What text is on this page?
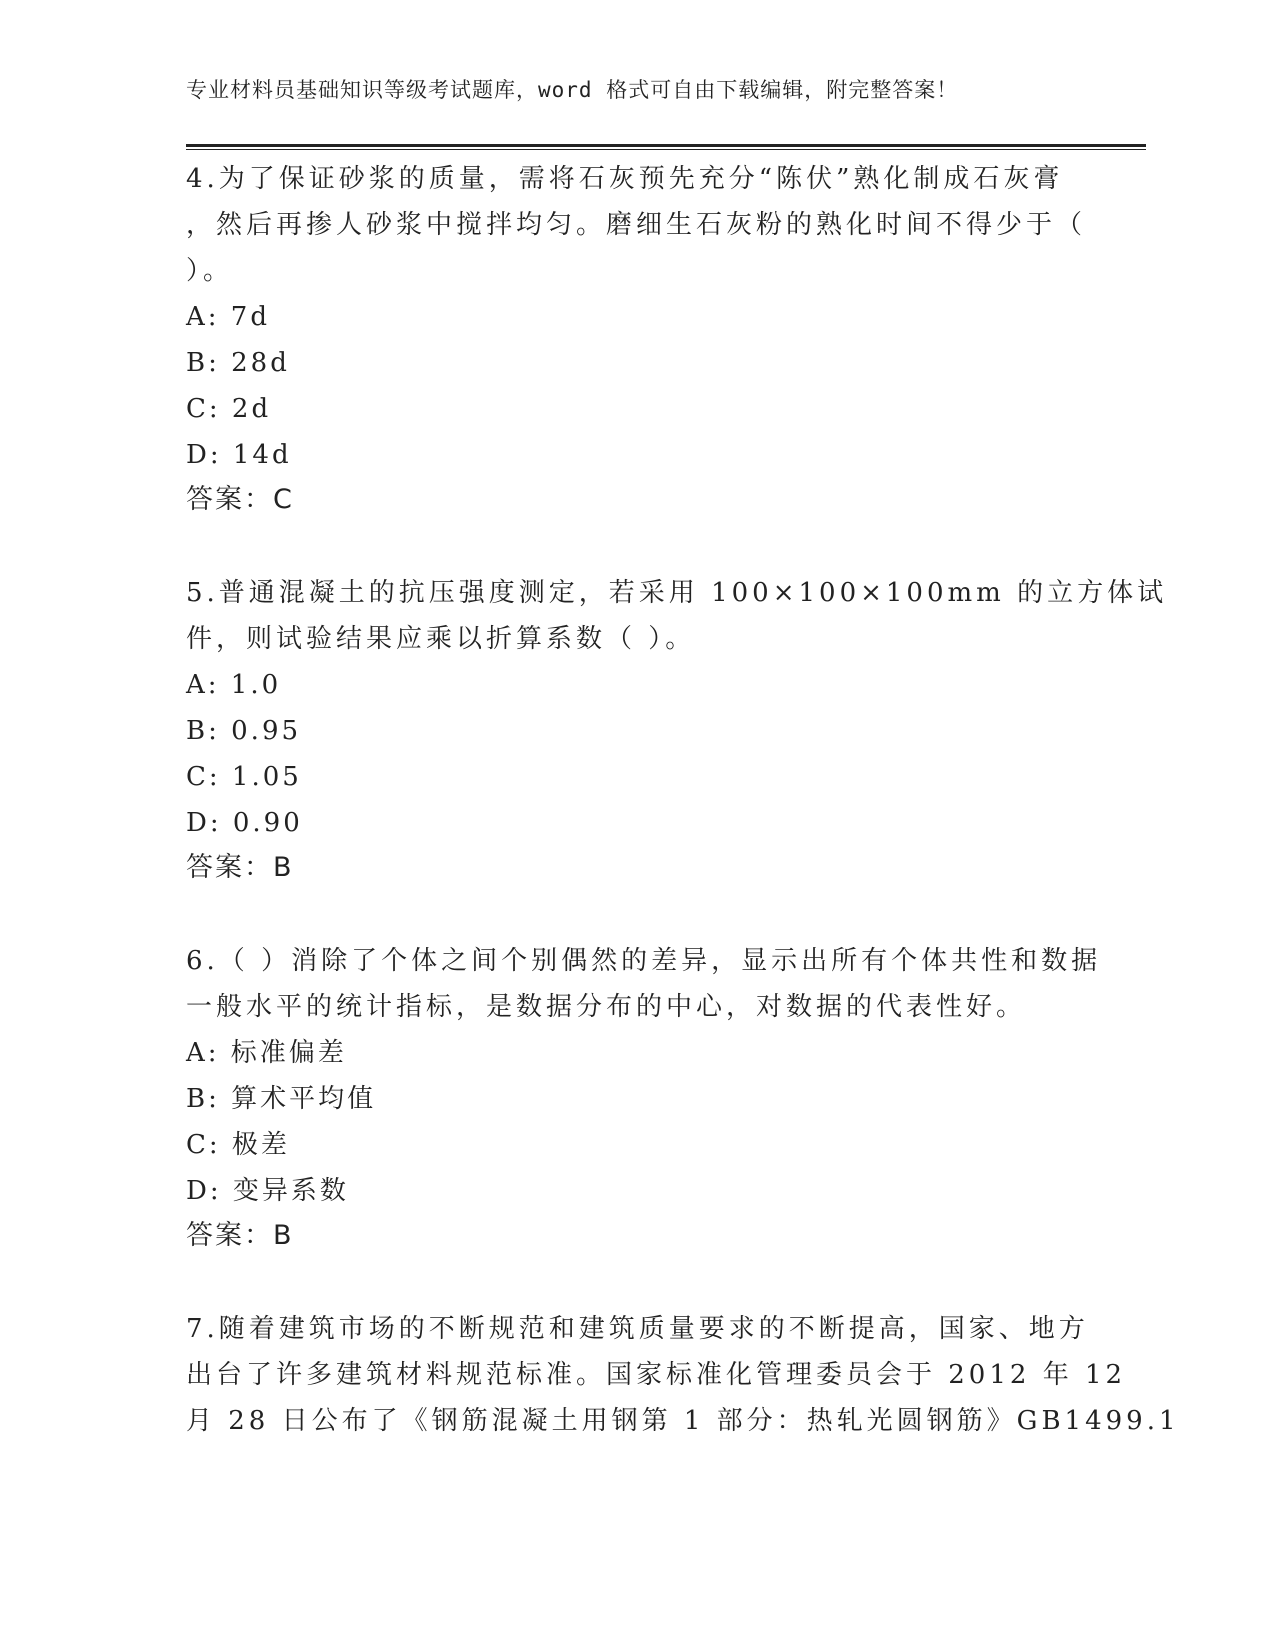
专业材料员基础知识等级考试题库，word 格式可自由下载编辑，附完整答案！
4.为了保证砂浆的质量，需将石灰预先充分“陈伏”熟化制成石灰膏
，然后再掺人砂浆中搅拌均匀。磨细生石灰粉的熟化时间不得少于（
）。
A: 7d
B: 28d
C: 2d
D: 14d
答案：C
5.普通混凝土的抗压强度测定，若采用 100×100×100mm 的立方体试
件，则试验结果应乘以折算系数（ ）。
A: 1.0
B: 0.95
C: 1.05
D: 0.90
答案：B
6.（ ）消除了个体之间个别偶然的差异，显示出所有个体共性和数据
一般水平的统计指标，是数据分布的中心，对数据的代表性好。
A: 标准偏差
B: 算术平均值
C: 极差
D: 变异系数
答案：B
7.随着建筑市场的不断规范和建筑质量要求的不断提高，国家、地方
出台了许多建筑材料规范标准。国家标准化管理委员会于 2012 年 12
月 28 日公布了《钢筋混凝土用钢第 1 部分：热轧光圆钢筋》GB1499.1
